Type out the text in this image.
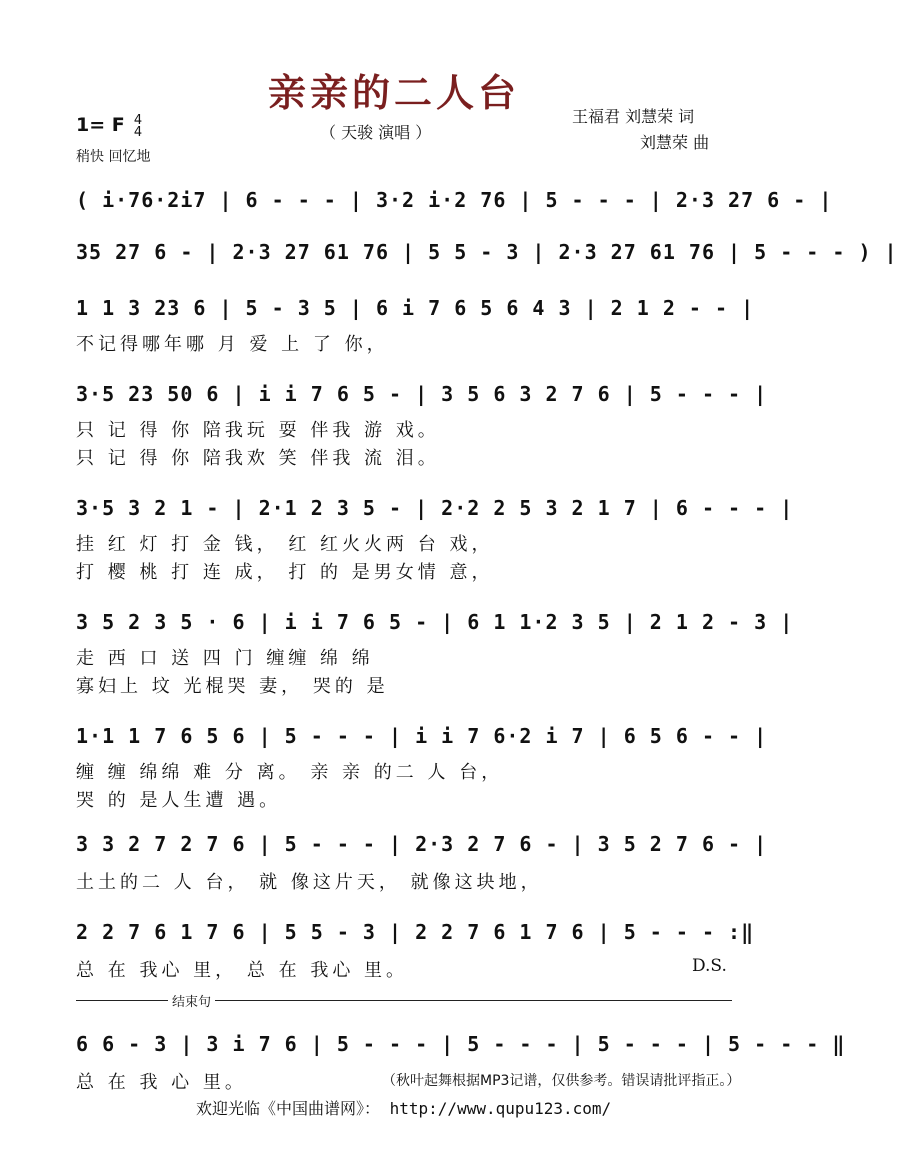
亲亲的二人台
（ 天骏 演唱 ）
1= F 4
4
稍快 回忆地
王福君 刘慧荣 词
刘慧荣 曲
( i·76·2i7 | 6 - - - | 3·2 i·2 76 | 5 - - - | 2·3 27 6 - |
35 27 6 - | 2·3 27 61 76 | 5 5 - 3 | 2·3 27 61 76 | 5 - - - ) |
1 1 3 23 6 | 5 - 3 5 | 6 i 7 6 5 6 4 3 | 2 1 2 - - |
不记得哪年哪 月 爱 上 了 你，
3·5 23 50 6 | i i 7 6 5 - | 3 5 6 3 2 7 6 | 5 - - - |
只 记 得 你 陪我玩 耍 伴我 游 戏。
只 记 得 你 陪我欢 笑 伴我 流 泪。
3·5 3 2 1 - | 2·1 2 3 5 - | 2·2 2 5 3 2 1 7 | 6 - - - |
挂 红 灯 打 金 钱， 红 红火火两 台 戏，
打 樱 桃 打 连 成， 打 的 是男女情 意，
3 5 2 3 5 · 6 | i i 7 6 5 - | 6 1 1·2 3 5 | 2 1 2 - 3 |
走 西 口 送 四 门 缠缠 绵 绵
寡妇上 坟 光棍哭 妻， 哭的 是
1·1 1 7 6 5 6 | 5 - - - | i i 7 6·2 i 7 | 6 5 6 - - |
缠 缠 绵绵 难 分 离。 亲 亲 的二 人 台，
哭 的 是人生遭 遇。
3 3 2 7 2 7 6 | 5 - - - | 2·3 2 7 6 - | 3 5 2 7 6 - |
土土的二 人 台， 就 像这片天， 就像这块地，
2 2 7 6 1 7 6 | 5 5 - 3 | 2 2 7 6 1 7 6 | 5 - - - :‖
总 在 我心 里， 总 在 我心 里。	D.S.
结束句
6 6 - 3 | 3 i 7 6 | 5 - - - | 5 - - - | 5 - - - | 5 - - - ‖
总 在 我 心 里。	（秋叶起舞根据MP3记谱，仅供参考。错误请批评指正。）
欢迎光临《中国曲谱网》： http://www.qupu123.com/
